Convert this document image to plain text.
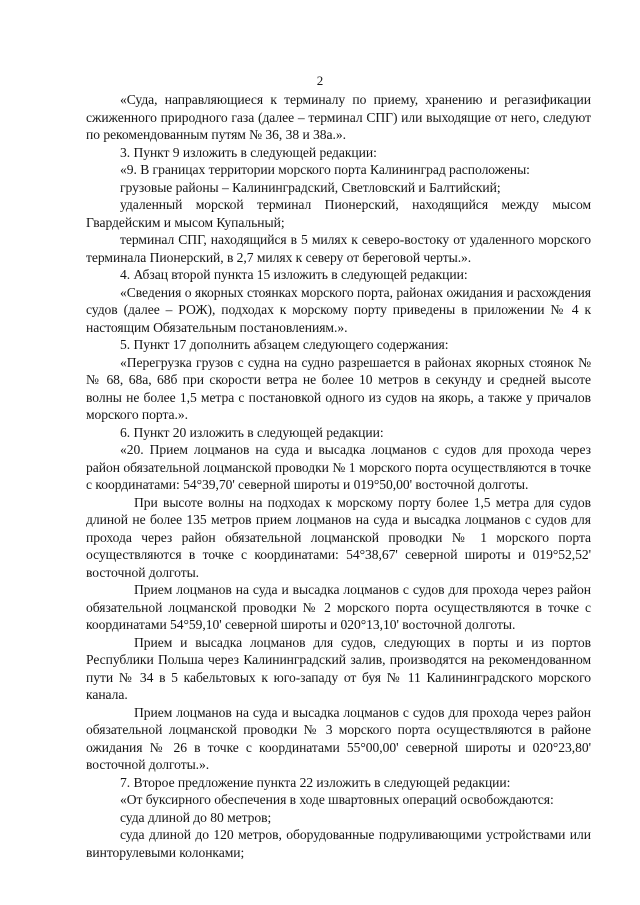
2

«Суда, направляющиеся к терминалу по приему, хранению и регазификации сжиженного природного газа (далее – терминал СПГ) или выходящие от него, следуют по рекомендованным путям № 36, 38 и 38а.».

3. Пункт 9 изложить в следующей редакции:

«9. В границах территории морского порта Калининград расположены:

грузовые районы – Калининградский, Светловский и Балтийский;

удаленный морской терминал Пионерский, находящийся между мысом Гвардейским и мысом Купальный;

терминал СПГ, находящийся в 5 милях к северо-востоку от удаленного морского терминала Пионерский, в 2,7 милях к северу от береговой черты.».

4. Абзац второй пункта 15 изложить в следующей редакции:

«Сведения о якорных стоянках морского порта, районах ожидания и расхождения судов (далее – РОЖ), подходах к морскому порту приведены в приложении № 4 к настоящим Обязательным постановлениям.».

5. Пункт 17 дополнить абзацем следующего содержания:

«Перегрузка грузов с судна на судно разрешается в районах якорных стоянок №№ 68, 68а, 68б при скорости ветра не более 10 метров в секунду и средней высоте волны не более 1,5 метра с постановкой одного из судов на якорь, а также у причалов морского порта.».

6. Пункт 20 изложить в следующей редакции:

«20. Прием лоцманов на суда и высадка лоцманов с судов для прохода через район обязательной лоцманской проводки № 1 морского порта осуществляются в точке с координатами: 54°39,70' северной широты и 019°50,00' восточной долготы.

При высоте волны на подходах к морскому порту более 1,5 метра для судов длиной не более 135 метров прием лоцманов на суда и высадка лоцманов с судов для прохода через район обязательной лоцманской проводки № 1 морского порта осуществляются в точке с координатами: 54°38,67' северной широты и 019°52,52' восточной долготы.

Прием лоцманов на суда и высадка лоцманов с судов для прохода через район обязательной лоцманской проводки № 2 морского порта осуществляются в точке с координатами 54°59,10' северной широты и 020°13,10' восточной долготы.

Прием и высадка лоцманов для судов, следующих в порты и из портов Республики Польша через Калининградский залив, производятся на рекомендованном пути № 34 в 5 кабельтовых к юго-западу от буя № 11 Калининградского морского канала.

Прием лоцманов на суда и высадка лоцманов с судов для прохода через район обязательной лоцманской проводки № 3 морского порта осуществляются в районе ожидания № 26 в точке с координатами 55°00,00' северной широты и 020°23,80' восточной долготы.».

7. Второе предложение пункта 22 изложить в следующей редакции:

«От буксирного обеспечения в ходе швартовных операций освобождаются:

суда длиной до 80 метров;

суда длиной до 120 метров, оборудованные подруливающими устройствами или винторулевыми колонками;
